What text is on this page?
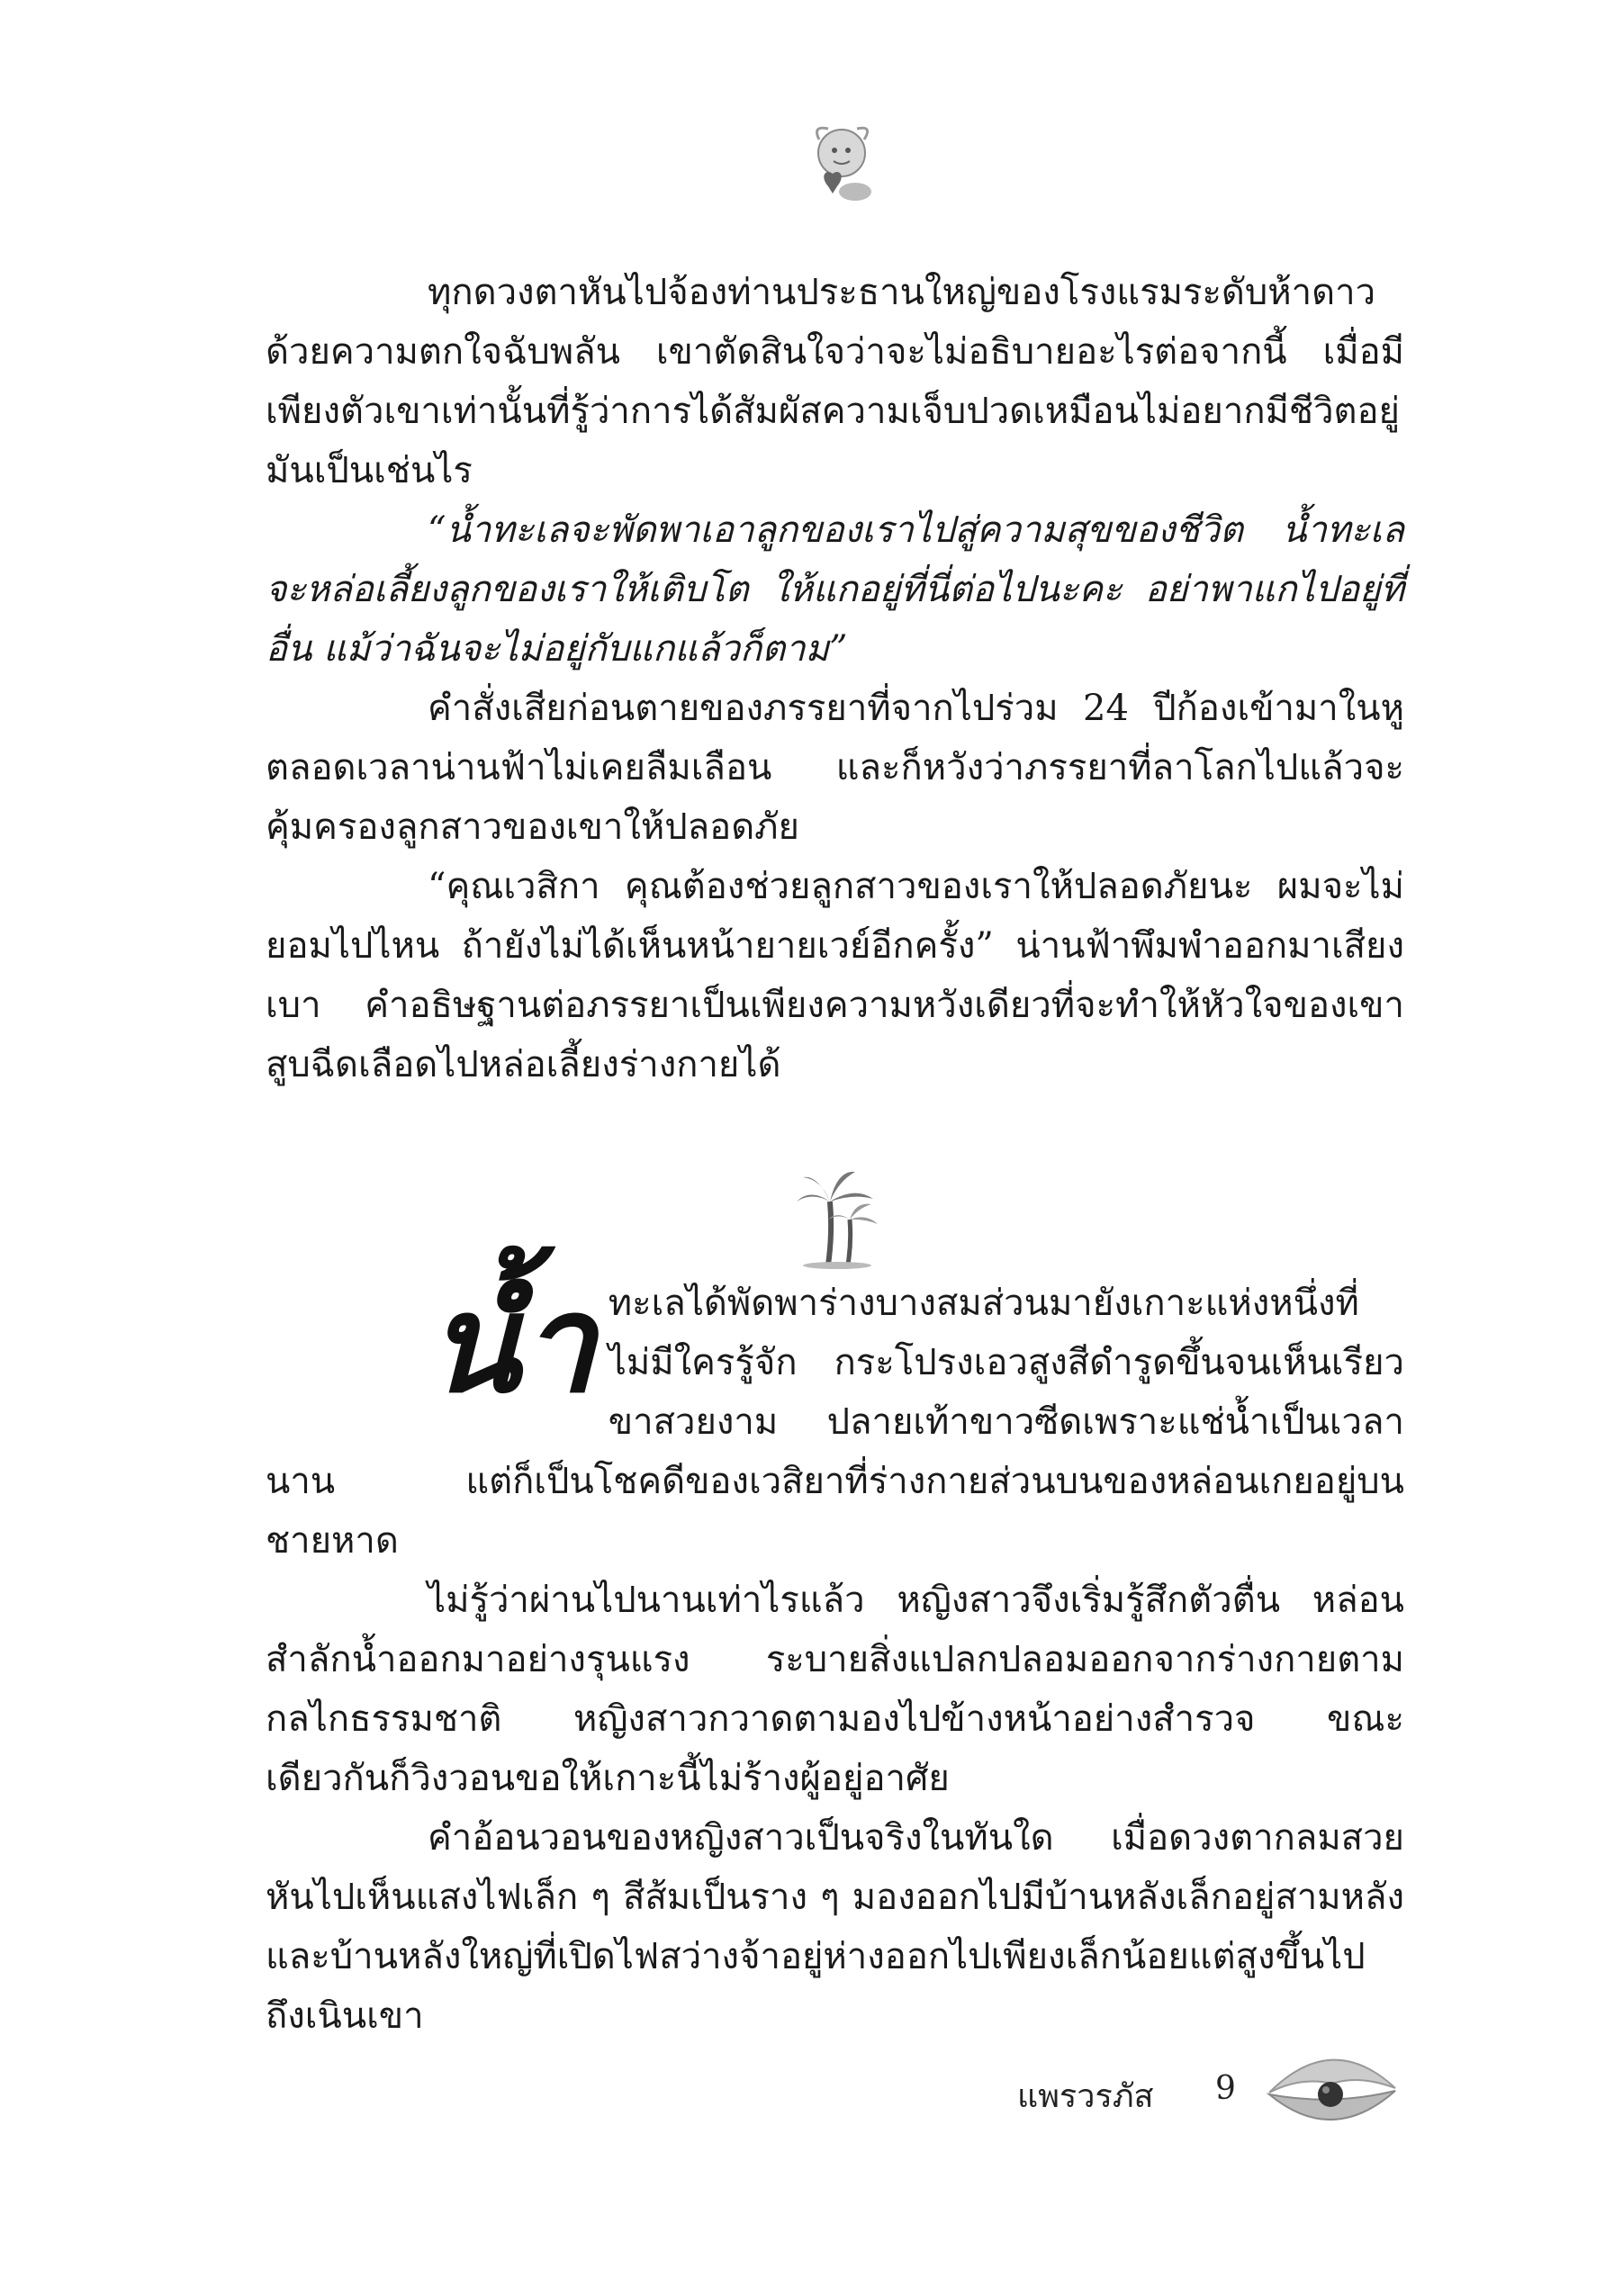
ทุกดวงตาหันไปจ้องท่านประธานใหญ่ของโรงแรมระดับห้าดาวด้วยความตกใจฉับพลัน เขาตัดสินใจว่าจะไม่อธิบายอะไรต่อจากนี้ เมื่อมีเพียงตัวเขาเท่านั้นที่รู้ว่าการได้สัมผัสความเจ็บปวดเหมือนไม่อยากมีชีวิตอยู่มันเป็นเช่นไร

“น้ำทะเลจะพัดพาเอาลูกของเราไปสู่ความสุขของชีวิต น้ำทะเลจะหล่อเลี้ยงลูกของเราให้เติบโต ให้แกอยู่ที่นี่ต่อไปนะคะ อย่าพาแกไปอยู่ที่อื่น แม้ว่าฉันจะไม่อยู่กับแกแล้วก็ตาม”

คำสั่งเสียก่อนตายของภรรยาที่จากไปร่วม 24 ปีก้องเข้ามาในหูตลอดเวลาน่านฟ้าไม่เคยลืมเลือน และก็หวังว่าภรรยาที่ลาโลกไปแล้วจะคุ้มครองลูกสาวของเขาให้ปลอดภัย

“คุณเวสิกา คุณต้องช่วยลูกสาวของเราให้ปลอดภัยนะ ผมจะไม่ยอมไปไหน ถ้ายังไม่ได้เห็นหน้ายายเวย์อีกครั้ง” น่านฟ้าพึมพำออกมาเสียงเบา คำอธิษฐานต่อภรรยาเป็นเพียงความหวังเดียวที่จะทำให้หัวใจของเขาสูบฉีดเลือดไปหล่อเลี้ยงร่างกายได้

น้ำ ทะเลได้พัดพาร่างบางสมส่วนมายังเกาะแห่งหนึ่งที่ไม่มีใครรู้จัก กระโปรงเอวสูงสีดำรูดขึ้นจนเห็นเรียวขาสวยงาม ปลายเท้าขาวซีดเพราะแช่น้ำเป็นเวลานาน แต่ก็เป็นโชคดีของเวสิยาที่ร่างกายส่วนบนของหล่อนเกยอยู่บนชายหาด

ไม่รู้ว่าผ่านไปนานเท่าไรแล้ว หญิงสาวจึงเริ่มรู้สึกตัวตื่น หล่อนสำลักน้ำออกมาอย่างรุนแรง ระบายสิ่งแปลกปลอมออกจากร่างกายตามกลไกธรรมชาติ หญิงสาวกวาดตามองไปข้างหน้าอย่างสำรวจ ขณะเดียวกันก็วิงวอนขอให้เกาะนี้ไม่ร้างผู้อยู่อาศัย

คำอ้อนวอนของหญิงสาวเป็นจริงในทันใด เมื่อดวงตากลมสวยหันไปเห็นแสงไฟเล็ก ๆ สีส้มเป็นราง ๆ มองออกไปมีบ้านหลังเล็กอยู่สามหลัง และบ้านหลังใหญ่ที่เปิดไฟสว่างจ้าอยู่ห่างออกไปเพียงเล็กน้อยแต่สูงขึ้นไปถึงเนินเขา

แพรวรภัส 9
